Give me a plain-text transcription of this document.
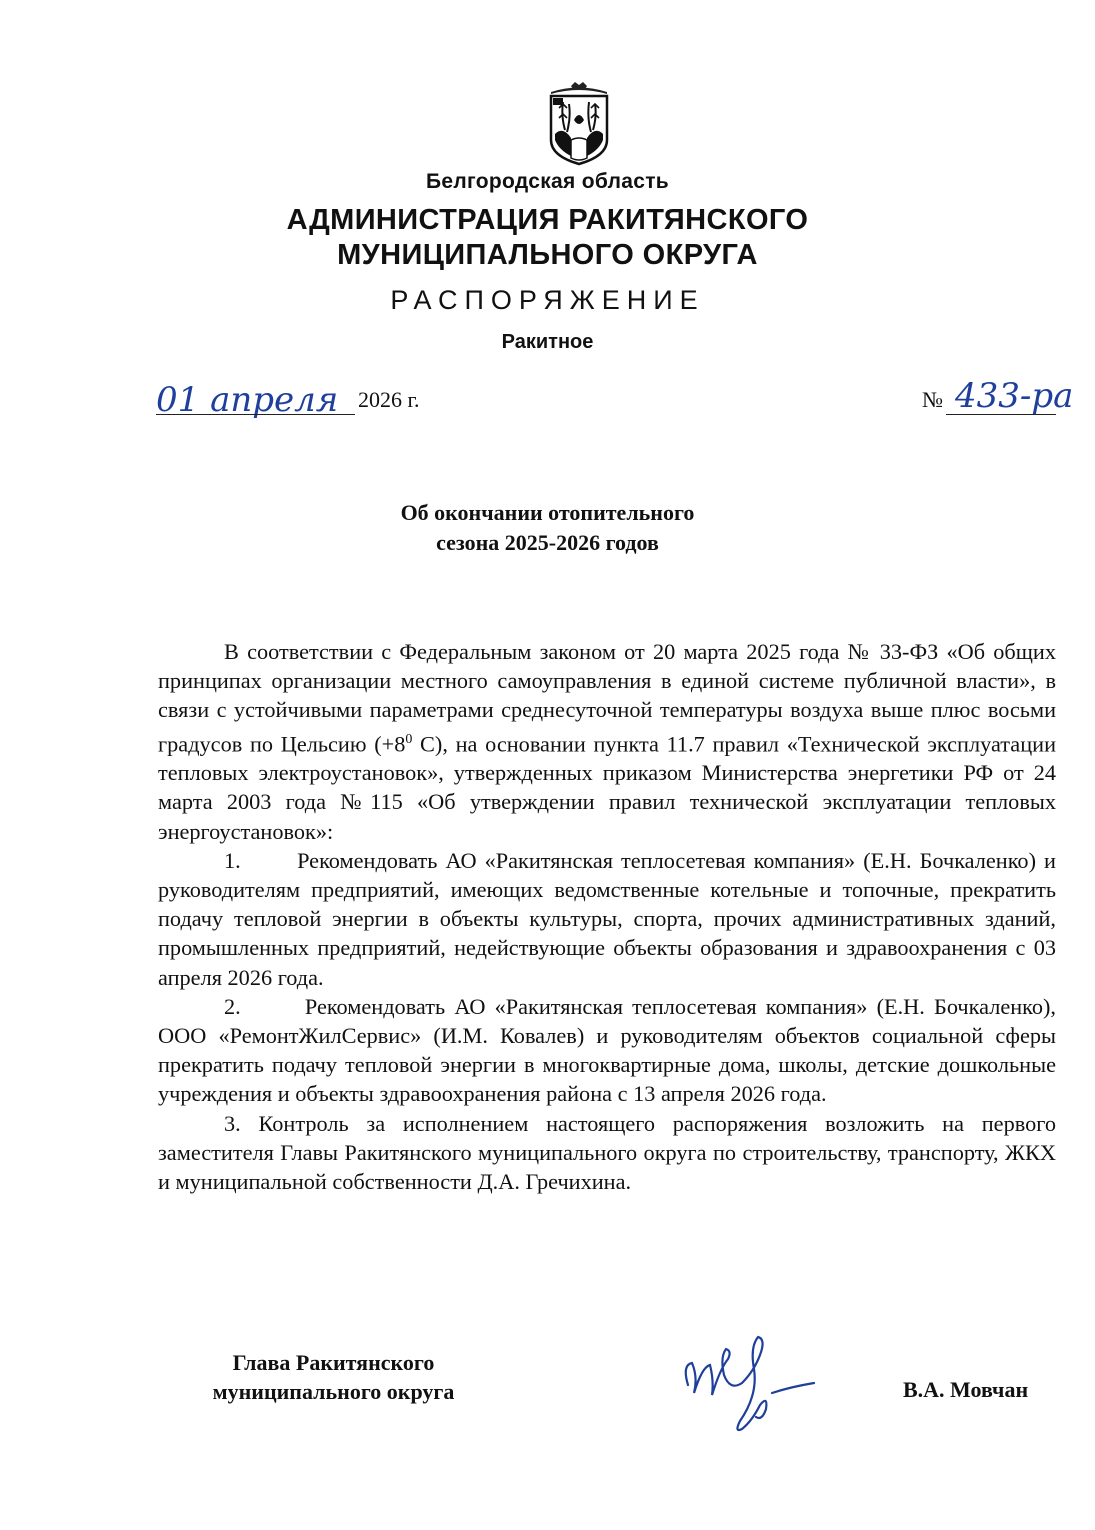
Белгородская область
АДМИНИСТРАЦИЯ РАКИТЯНСКОГО
МУНИЦИПАЛЬНОГО ОКРУГА
РАСПОРЯЖЕНИЕ
Ракитное
01 апреля 2026 г.	№ 433-ра
Об окончании отопительного
сезона 2025-2026 годов

В соответствии с Федеральным законом от 20 марта 2025 года № 33-ФЗ «Об общих принципах организации местного самоуправления в единой системе публичной власти», в связи с устойчивыми параметрами среднесуточной температуры воздуха выше плюс восьми градусов по Цельсию ($+8^0$ С), на основании пункта 11.7 правил «Технической эксплуатации тепловых электроустановок», утвержденных приказом Министерства энергетики РФ от 24 марта 2003 года №115 «Об утверждении правил технической эксплуатации тепловых энергоустановок»:

1.	Рекомендовать АО «Ракитянская теплосетевая компания» (Е.Н. Бочкаленко) и руководителям предприятий, имеющих ведомственные котельные и топочные, прекратить подачу тепловой энергии в объекты культуры, спорта, прочих административных зданий, промышленных предприятий, недействующие объекты образования и здравоохранения с 03 апреля 2026 года.

2.	Рекомендовать АО «Ракитянская теплосетевая компания» (Е.Н. Бочкаленко), ООО «РемонтЖилСервис» (И.М. Ковалев) и руководителям объектов социальной сферы прекратить подачу тепловой энергии в многоквартирные дома, школы, детские дошкольные учреждения и объекты здравоохранения района с 13 апреля 2026 года.

3. Контроль за исполнением настоящего распоряжения возложить на первого заместителя Главы Ракитянского муниципального округа по строительству, транспорту, ЖКХ и муниципальной собственности Д.А. Гречихина.

Глава Ракитянского
муниципального округа	В.А. Мовчан
